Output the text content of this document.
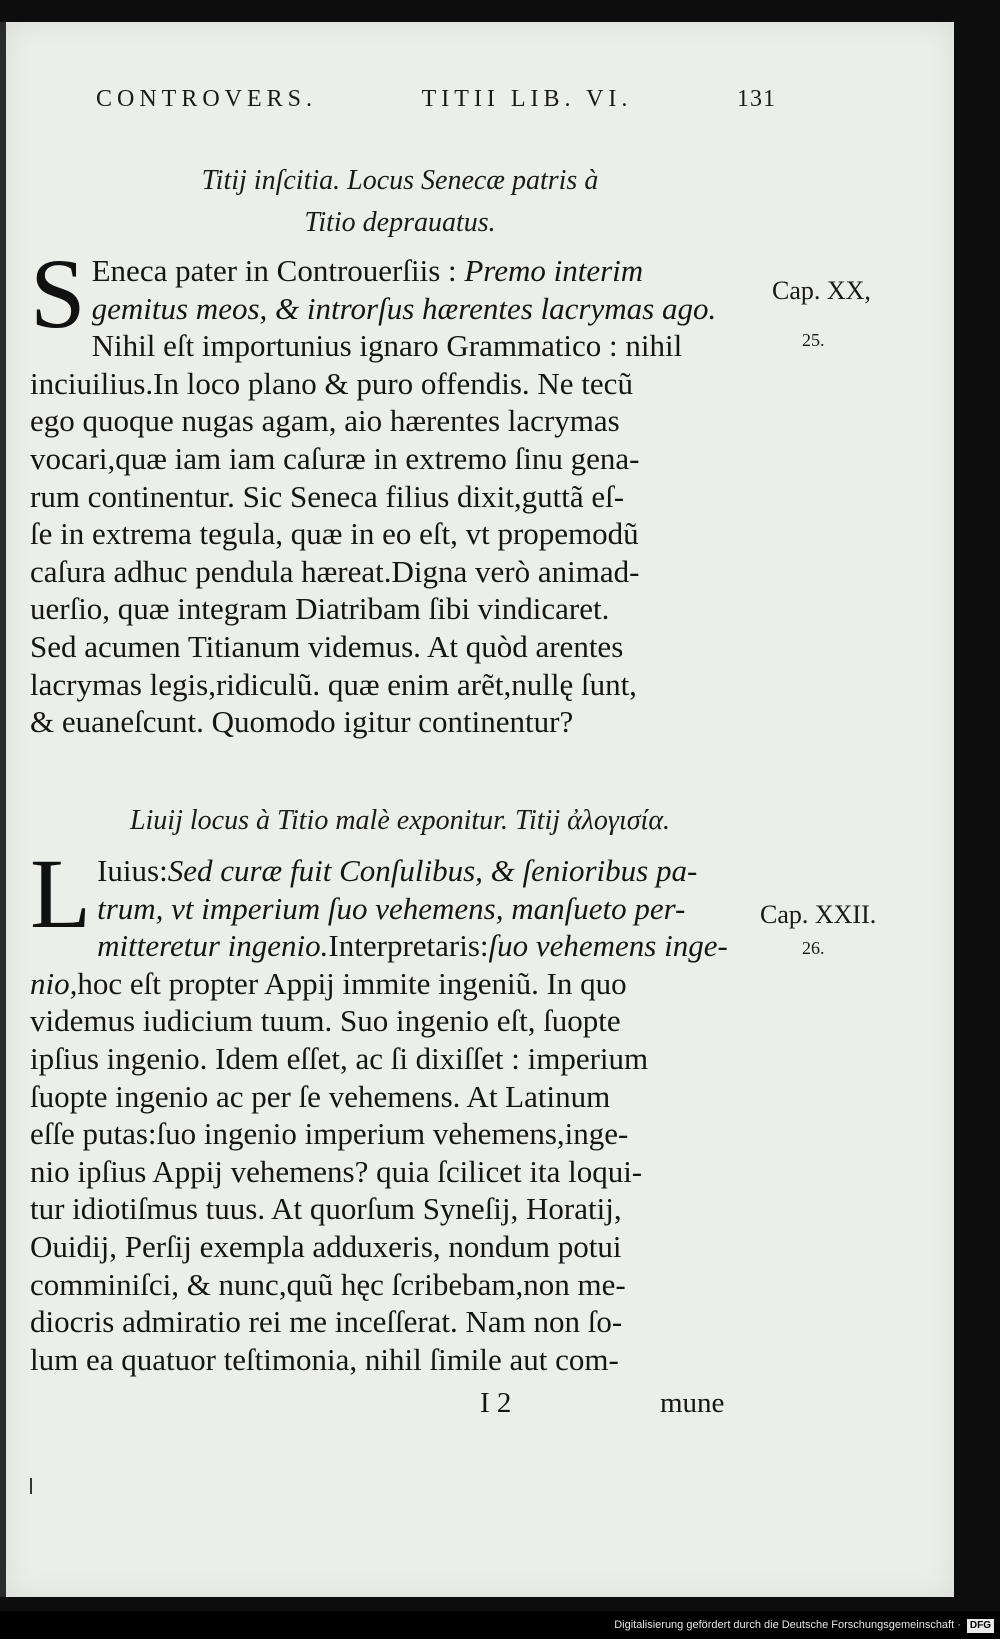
CONTROVERS.	TITII LIB. VI.	131
Titij inſcitia. Locus Senecæ patris à
Titio deprauatus.
S Eneca pater in Controuerſiis : Premo interim
gemitus meos, & introrſus hærentes lacrymas ago.
Nihil eſt importunius ignaro Grammatico : nihil
inciuilius.In loco plano & puro offendis. Ne tecũ
ego quoque nugas agam, aio hærentes lacrymas
vocari,quæ iam iam caſuræ in extremo ſinu gena-
rum continentur. Sic Seneca filius dixit,guttã eſ-
ſe in extrema tegula, quæ in eo eſt, vt propemodũ
caſura adhuc pendula hæreat.Digna verò animad-
uerſio, quæ integram Diatribam ſibi vindicaret.
Sed acumen Titianum videmus. At quòd arentes
lacrymas legis,ridiculũ. quæ enim arẽt,nullę ſunt,
& euaneſcunt. Quomodo igitur continentur?
Cap. XX,
25.
Liuij locus à Titio malè exponitur. Titij ἀλογισία.
L Iuius:Sed curæ fuit Conſulibus, & ſenioribus pa-
trum, vt imperium ſuo vehemens, manſueto per-
mitteretur ingenio.Interpretaris:ſuo vehemens inge-
nio,hoc eſt propter Appij immite ingeniũ. In quo
videmus iudicium tuum. Suo ingenio eſt, ſuopte
ipſius ingenio. Idem eſſet, ac ſi dixiſſet : imperium
ſuopte ingenio ac per ſe vehemens. At Latinum
eſſe putas:ſuo ingenio imperium vehemens,inge-
nio ipſius Appij vehemens? quia ſcilicet ita loqui-
tur idiotiſmus tuus. At quorſum Syneſij, Horatij,
Ouidij, Perſij exempla adduxeris, nondum potui
comminiſci, & nunc,quũ hęc ſcribebam,non me-
diocris admiratio rei me inceſſerat. Nam non ſo-
lum ea quatuor teſtimonia, nihil ſimile aut com-
Cap. XXII.
26.
I 2	mune
Digitalisierung gefördert durch die Deutsche Forschungsgemeinschaft · DFG
